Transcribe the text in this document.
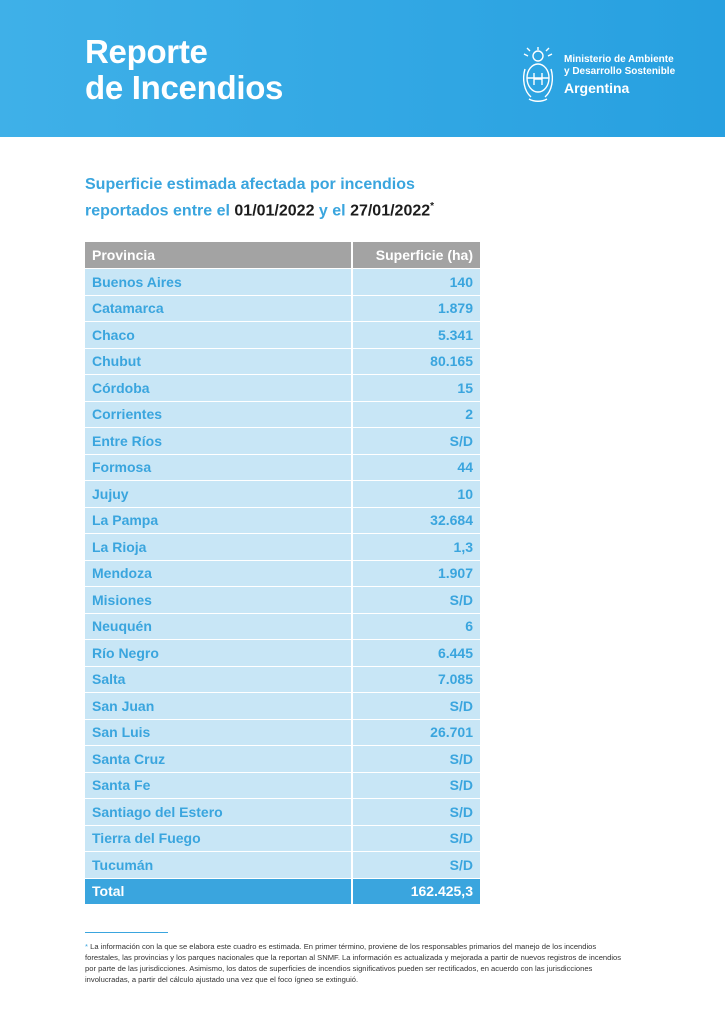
Reporte
de Incendios
Ministerio de Ambiente
y Desarrollo Sostenible
Argentina
Superficie estimada afectada por incendios
reportados entre el 01/01/2022 y el 27/01/2022*
Provincia	Superficie (ha)
Buenos Aires	140
Catamarca	1.879
Chaco	5.341
Chubut	80.165
Córdoba	15
Corrientes	2
Entre Ríos	S/D
Formosa	44
Jujuy	10
La Pampa	32.684
La Rioja	1,3
Mendoza	1.907
Misiones	S/D
Neuquén	6
Río Negro	6.445
Salta	7.085
San Juan	S/D
San Luis	26.701
Santa Cruz	S/D
Santa Fe	S/D
Santiago del Estero	S/D
Tierra del Fuego	S/D
Tucumán	S/D
Total	162.425,3

* La información con la que se elabora este cuadro es estimada. En primer término, proviene de los responsables primarios del manejo de los incendios forestales, las provincias y los parques nacionales que la reportan al SNMF. La información es actualizada y mejorada a partir de nuevos registros de incendios por parte de las jurisdicciones. Asimismo, los datos de superficies de incendios significativos pueden ser rectificados, en acuerdo con las jurisdicciones involucradas, a partir del cálculo ajustado una vez que el foco ígneo se extinguió.
